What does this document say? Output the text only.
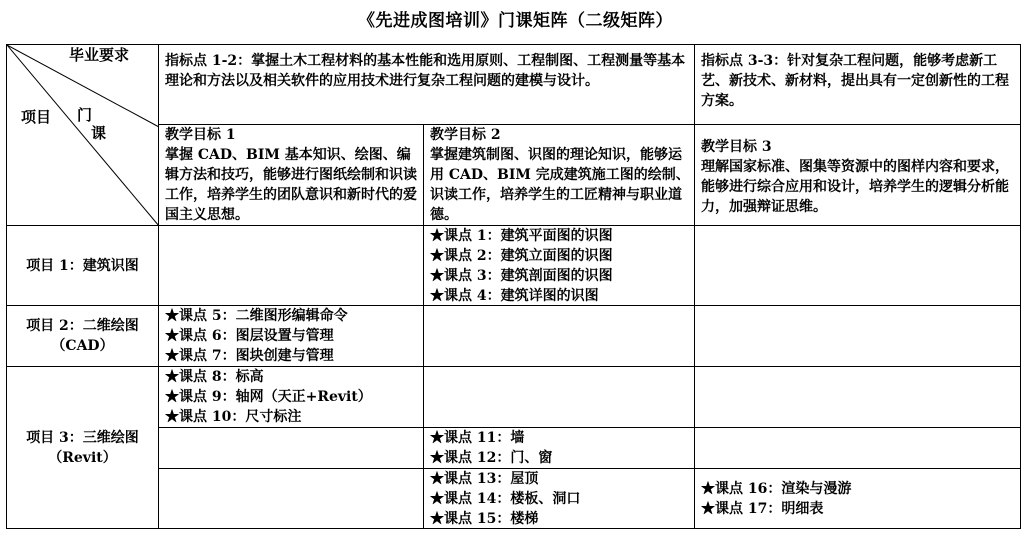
《先进成图培训》门课矩阵（二级矩阵）
毕业要求
项目 门
课
指标点 1-2：掌握土木工程材料的基本性能和选用原则、工程制图、工程测量等基本理论和方法以及相关软件的应用技术进行复杂工程问题的建模与设计。
指标点 3-3：针对复杂工程问题，能够考虑新工艺、新技术、新材料，提出具有一定创新性的工程方案。
教学目标 1
掌握 CAD、BIM 基本知识、绘图、编辑方法和技巧，能够进行图纸绘制和识读工作，培养学生的团队意识和新时代的爱国主义思想。
教学目标 2
掌握建筑制图、识图的理论知识，能够运用 CAD、BIM 完成建筑施工图的绘制、识读工作，培养学生的工匠精神与职业道德。
教学目标 3
理解国家标准、图集等资源中的图样内容和要求，能够进行综合应用和设计，培养学生的逻辑分析能力，加强辩证思维。
项目 1：建筑识图
★课点 1：建筑平面图的识图
★课点 2：建筑立面图的识图
★课点 3：建筑剖面图的识图
★课点 4：建筑详图的识图
项目 2：二维绘图
（CAD）
★课点 5：二维图形编辑命令
★课点 6：图层设置与管理
★课点 7：图块创建与管理
项目 3：三维绘图
（Revit）
★课点 8：标高
★课点 9：轴网（天正+Revit）
★课点 10：尺寸标注
★课点 11：墙
★课点 12：门、窗
★课点 13：屋顶
★课点 14：楼板、洞口
★课点 15：楼梯
★课点 16：渲染与漫游
★课点 17：明细表
